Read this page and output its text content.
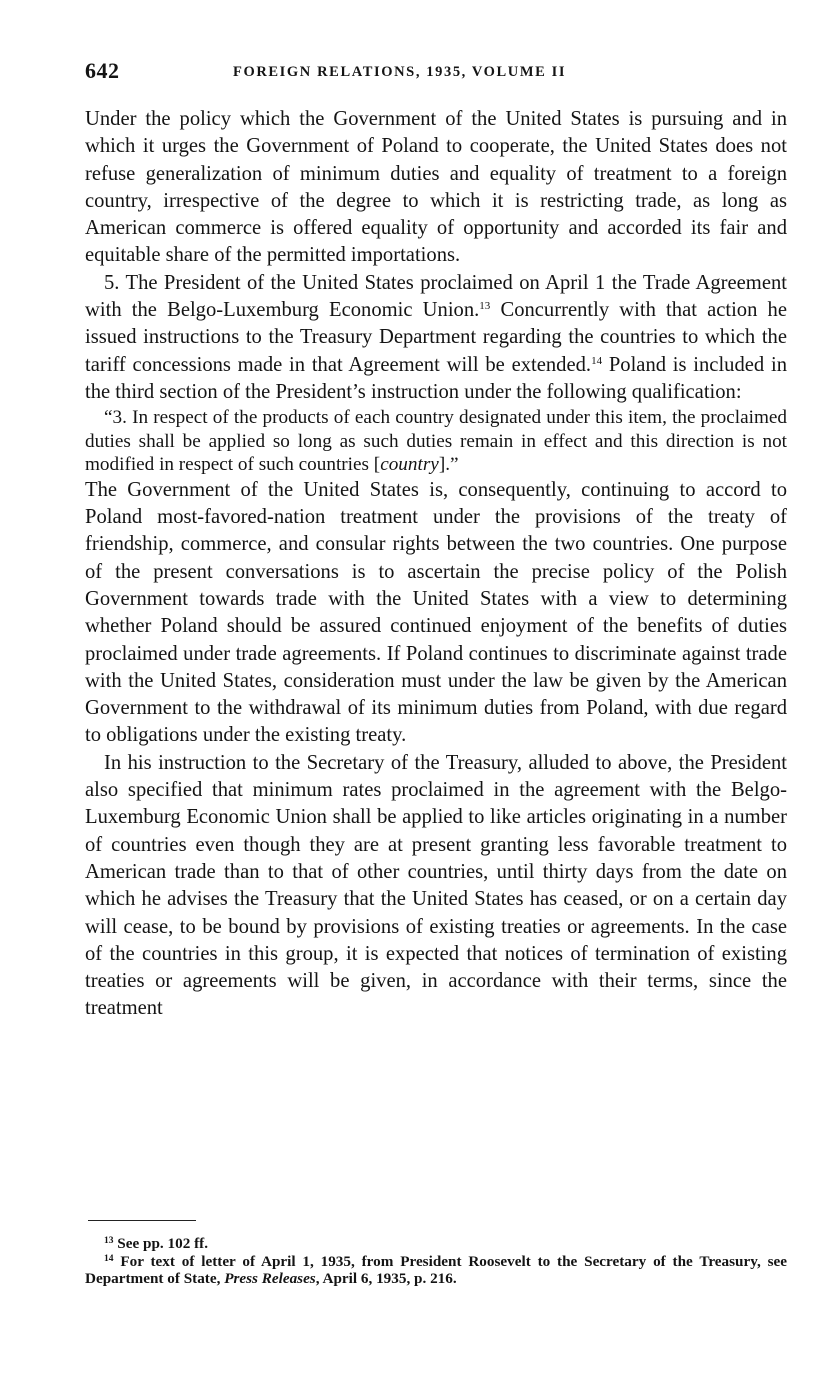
642	FOREIGN RELATIONS, 1935, VOLUME II

Under the policy which the Government of the United States is pursuing and in which it urges the Government of Poland to cooperate, the United States does not refuse generalization of minimum duties and equality of treatment to a foreign country, irrespective of the degree to which it is restricting trade, as long as American commerce is offered equality of opportunity and accorded its fair and equitable share of the permitted importations.

5. The President of the United States proclaimed on April 1 the Trade Agreement with the Belgo-Luxemburg Economic Union.$^{13}$ Concurrently with that action he issued instructions to the Treasury Department regarding the countries to which the tariff concessions made in that Agreement will be extended.$^{14}$ Poland is included in the third section of the President’s instruction under the following qualification:

“3. In respect of the products of each country designated under this item, the proclaimed duties shall be applied so long as such duties remain in effect and this direction is not modified in respect of such countries [country].”

The Government of the United States is, consequently, continuing to accord to Poland most-favored-nation treatment under the provisions of the treaty of friendship, commerce, and consular rights between the two countries. One purpose of the present conversations is to ascertain the precise policy of the Polish Government towards trade with the United States with a view to determining whether Poland should be assured continued enjoyment of the benefits of duties proclaimed under trade agreements. If Poland continues to discriminate against trade with the United States, consideration must under the law be given by the American Government to the withdrawal of its minimum duties from Poland, with due regard to obligations under the existing treaty.

In his instruction to the Secretary of the Treasury, alluded to above, the President also specified that minimum rates proclaimed in the agreement with the Belgo-Luxemburg Economic Union shall be applied to like articles originating in a number of countries even though they are at present granting less favorable treatment to American trade than to that of other countries, until thirty days from the date on which he advises the Treasury that the United States has ceased, or on a certain day will cease, to be bound by provisions of existing treaties or agreements. In the case of the countries in this group, it is expected that notices of termination of existing treaties or agreements will be given, in accordance with their terms, since the treatment

$^{13}$ See pp. 102 ff.

$^{14}$ For text of letter of April 1, 1935, from President Roosevelt to the Secretary of the Treasury, see Department of State, Press Releases, April 6, 1935, p. 216.
